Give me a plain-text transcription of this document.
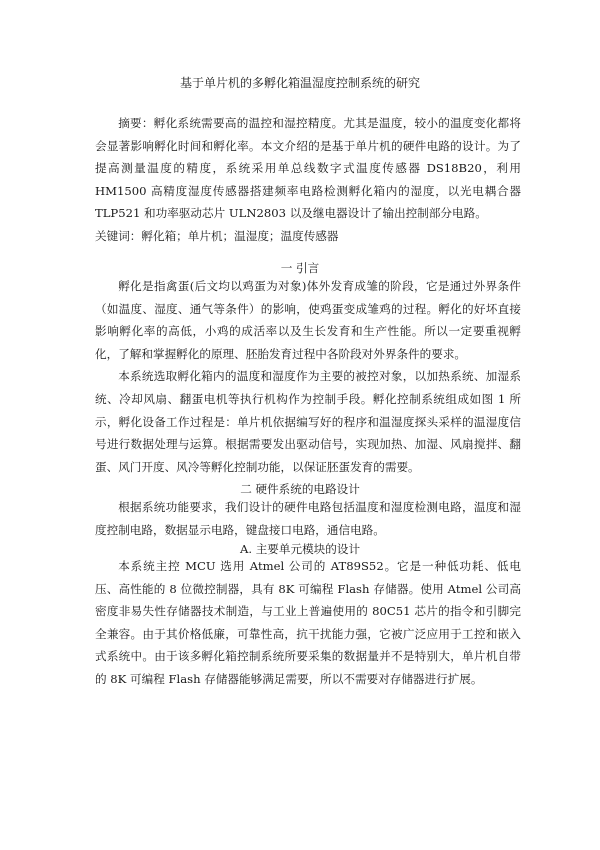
基于单片机的多孵化箱温湿度控制系统的研究

摘要：孵化系统需要高的温控和湿控精度。尤其是温度，较小的温度变化都将会显著影响孵化时间和孵化率。本文介绍的是基于单片机的硬件电路的设计。为了提高测量温度的精度，系统采用单总线数字式温度传感器 DS18B20，利用 HM1500 高精度湿度传感器搭建频率电路检测孵化箱内的湿度，以光电耦合器 TLP521 和功率驱动芯片 ULN2803 以及继电器设计了输出控制部分电路。

关键词：孵化箱；单片机；温湿度；温度传感器

一 引言

孵化是指禽蛋(后文均以鸡蛋为对象)体外发育成雏的阶段，它是通过外界条件（如温度、湿度、通气等条件）的影响，使鸡蛋变成雏鸡的过程。孵化的好坏直接影响孵化率的高低，小鸡的成活率以及生长发育和生产性能。所以一定要重视孵化，了解和掌握孵化的原理、胚胎发育过程中各阶段对外界条件的要求。

本系统选取孵化箱内的温度和湿度作为主要的被控对象，以加热系统、加湿系统、冷却风扇、翻蛋电机等执行机构作为控制手段。孵化控制系统组成如图 1 所示，孵化设备工作过程是：单片机依据编写好的程序和温湿度探头采样的温湿度信号进行数据处理与运算。根据需要发出驱动信号，实现加热、加湿、风扇搅拌、翻蛋、风门开度、风冷等孵化控制功能，以保证胚蛋发育的需要。

二 硬件系统的电路设计

根据系统功能要求，我们设计的硬件电路包括温度和湿度检测电路，温度和湿度控制电路，数据显示电路，键盘接口电路，通信电路。

A. 主要单元模块的设计

本系统主控 MCU 选用 Atmel 公司的 AT89S52。它是一种低功耗、低电压、高性能的 8 位微控制器，具有 8K 可编程 Flash 存储器。使用 Atmel 公司高密度非易失性存储器技术制造，与工业上普遍使用的 80C51 芯片的指令和引脚完全兼容。由于其价格低廉，可靠性高，抗干扰能力强，它被广泛应用于工控和嵌入式系统中。由于该多孵化箱控制系统所要采集的数据量并不是特别大，单片机自带的 8K 可编程 Flash 存储器能够满足需要，所以不需要对存储器进行扩展。
